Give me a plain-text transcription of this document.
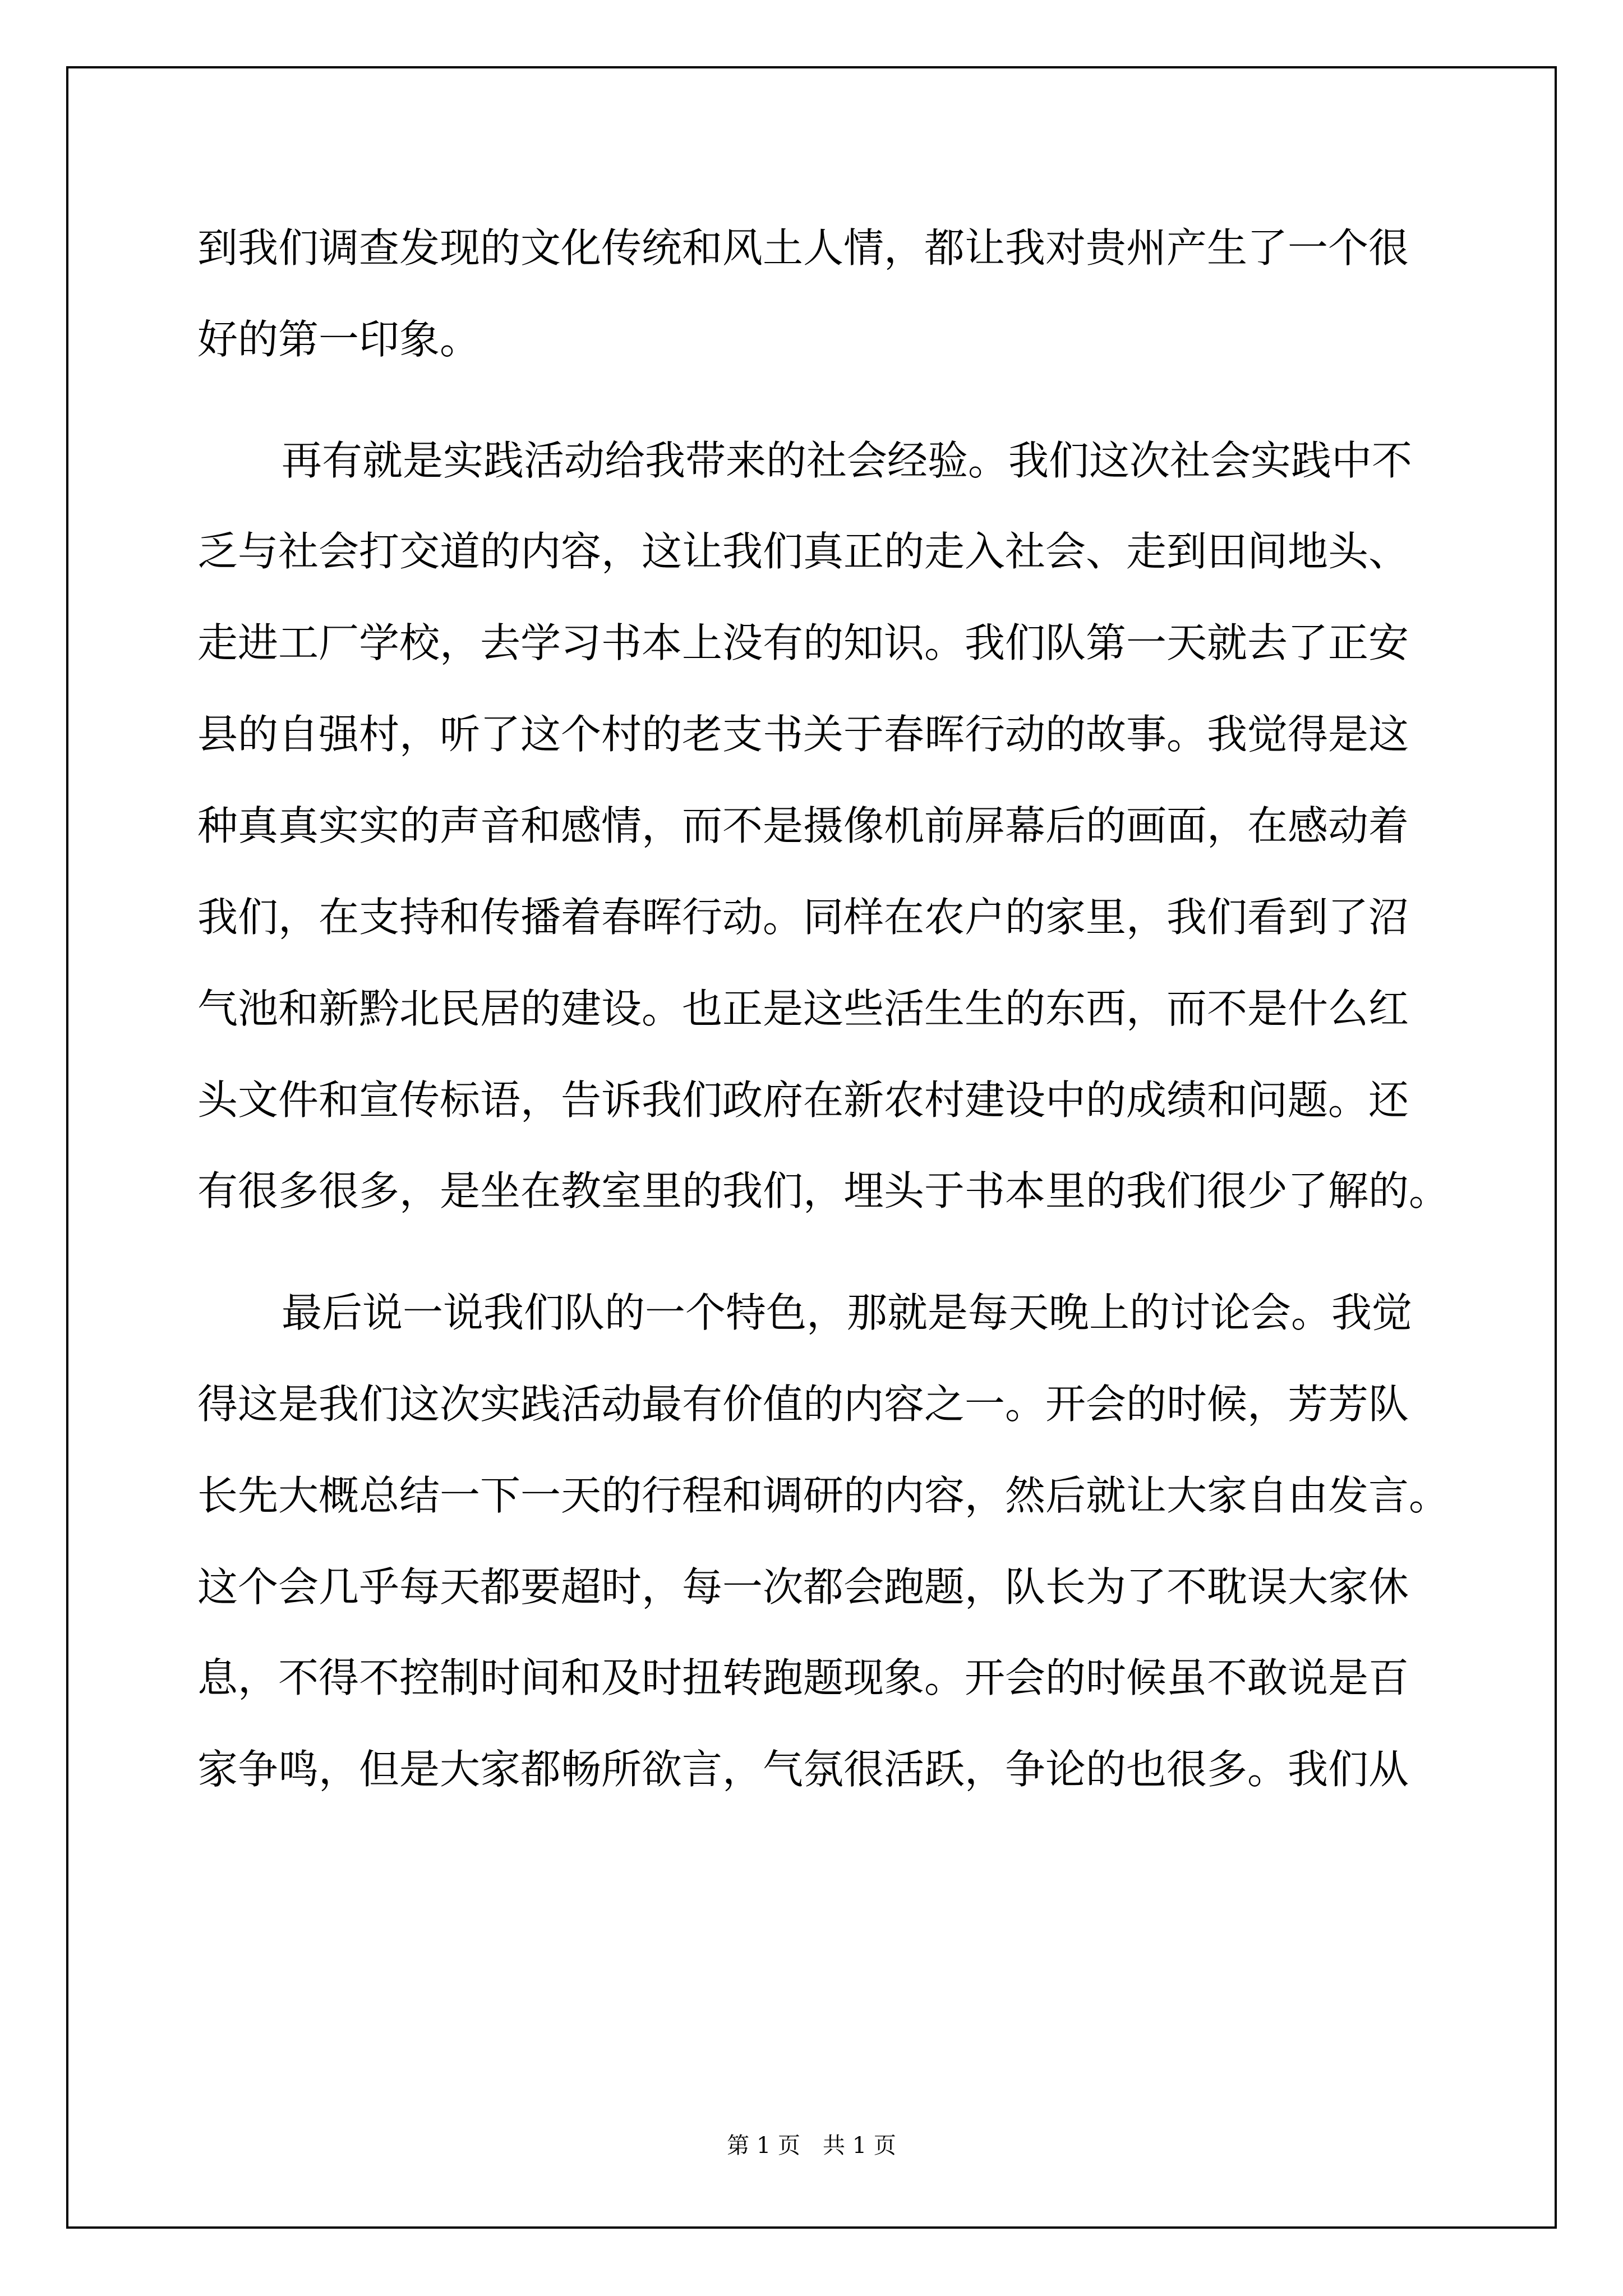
到我们调查发现的文化传统和风土人情，都让我对贵州产生了一个很
好的第一印象。
再有就是实践活动给我带来的社会经验。我们这次社会实践中不
乏与社会打交道的内容，这让我们真正的走入社会、走到田间地头、
走进工厂学校，去学习书本上没有的知识。我们队第一天就去了正安
县的自强村，听了这个村的老支书关于春晖行动的故事。我觉得是这
种真真实实的声音和感情，而不是摄像机前屏幕后的画面，在感动着
我们，在支持和传播着春晖行动。同样在农户的家里，我们看到了沼
气池和新黔北民居的建设。也正是这些活生生的东西，而不是什么红
头文件和宣传标语，告诉我们政府在新农村建设中的成绩和问题。还
有很多很多，是坐在教室里的我们，埋头于书本里的我们很少了解的。
最后说一说我们队的一个特色，那就是每天晚上的讨论会。我觉
得这是我们这次实践活动最有价值的内容之一。开会的时候，芳芳队
长先大概总结一下一天的行程和调研的内容，然后就让大家自由发言。
这个会几乎每天都要超时，每一次都会跑题，队长为了不耽误大家休
息，不得不控制时间和及时扭转跑题现象。开会的时候虽不敢说是百
家争鸣，但是大家都畅所欲言，气氛很活跃，争论的也很多。我们从
第 1 页　共 1 页
